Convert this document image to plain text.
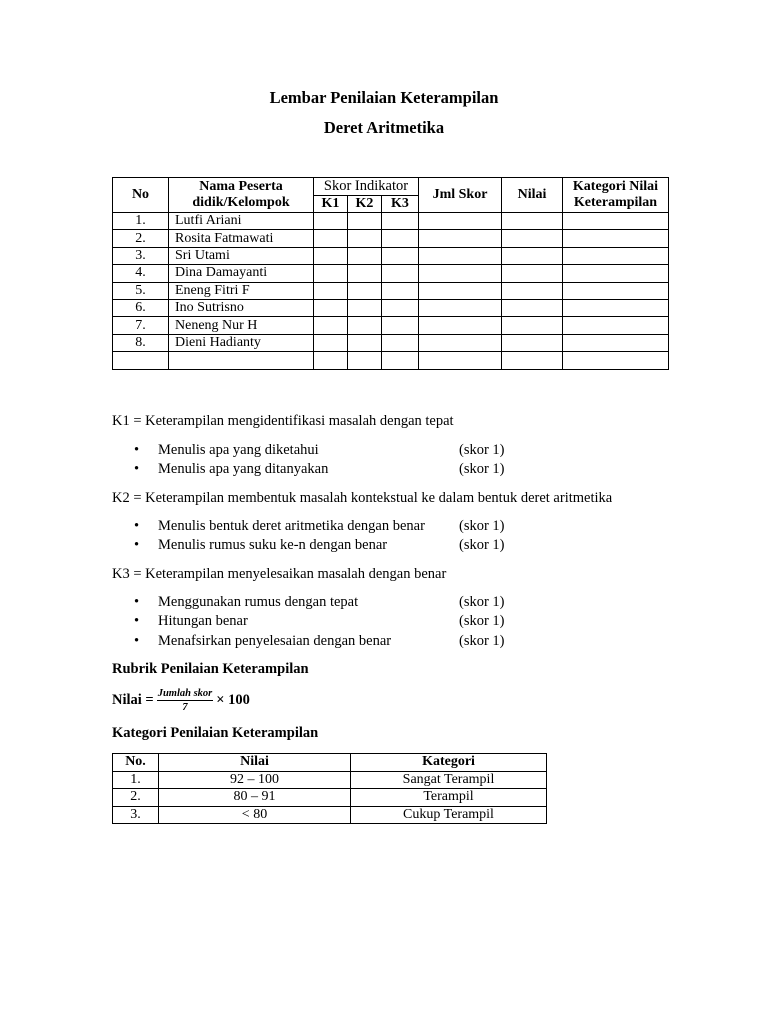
Lembar Penilaian Keterampilan
Deret Aritmetika
No	Nama Peserta didik/Kelompok	Skor Indikator			Jml Skor	Nilai	Kategori Nilai Keterampilan
		K1	K2	K3			
1.	Lutfi Ariani						
2.	Rosita Fatmawati						
3.	Sri Utami						
4.	Dina Damayanti						
5.	Eneng Fitri F						
6.	Ino Sutrisno						
7.	Neneng Nur H						
8.	Dieni Hadianty						

K1 = Keterampilan mengidentifikasi masalah dengan tepat
• Menulis apa yang diketahui	(skor 1)
• Menulis apa yang ditanyakan	(skor 1)
K2 = Keterampilan membentuk masalah kontekstual ke dalam bentuk deret aritmetika
• Menulis bentuk deret aritmetika dengan benar (skor 1)
• Menulis rumus suku ke-n dengan benar	(skor 1)
K3 = Keterampilan menyelesaikan masalah dengan benar
• Menggunakan rumus dengan tepat	(skor 1)
• Hitungan benar	(skor 1)
• Menafsirkan penyelesaian dengan benar	(skor 1)
Rubrik Penilaian Keterampilan
Nilai = $\frac{\text{Jumlah skor}}{7} \times 100$
Kategori Penilaian Keterampilan
No.	Nilai	Kategori
1.	92 – 100	Sangat Terampil
2.	80 – 91	Terampil
3.	< 80	Cukup Terampil
